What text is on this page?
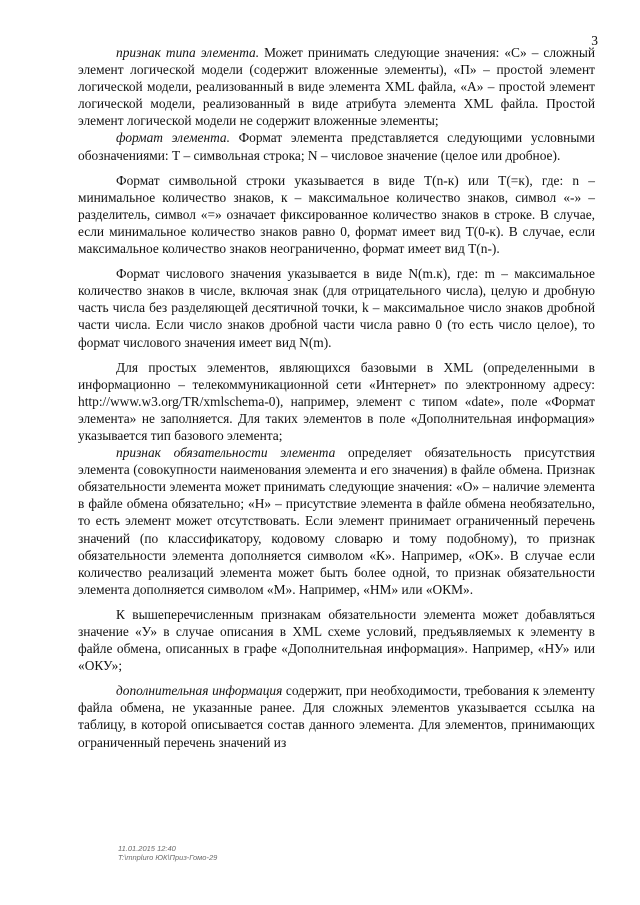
3

признак типа элемента. Может принимать следующие значения: «С» – сложный элемент логической модели (содержит вложенные элементы), «П» – простой элемент логической модели, реализованный в виде элемента XML файла, «А» – простой элемент логической модели, реализованный в виде атрибута элемента XML файла. Простой элемент логической модели не содержит вложенные элементы;

формат элемента. Формат элемента представляется следующими условными обозначениями: Т – символьная строка; N – числовое значение (целое или дробное).

Формат символьной строки указывается в виде Т(n-к) или Т(=к), где: n – минимальное количество знаков, к – максимальное количество знаков, символ «-» – разделитель, символ «=» означает фиксированное количество знаков в строке. В случае, если минимальное количество знаков равно 0, формат имеет вид Т(0-к). В случае, если максимальное количество знаков неограниченно, формат имеет вид Т(n-).

Формат числового значения указывается в виде N(m.к), где: m – максимальное количество знаков в числе, включая знак (для отрицательного числа), целую и дробную часть числа без разделяющей десятичной точки, k – максимальное число знаков дробной части числа. Если число знаков дробной части числа равно 0 (то есть число целое), то формат числового значения имеет вид N(m).

Для простых элементов, являющихся базовыми в XML (определенными в информационно – телекоммуникационной сети «Интернет» по электронному адресу: http://www.w3.org/TR/xmlschema-0), например, элемент с типом «date», поле «Формат элемента» не заполняется. Для таких элементов в поле «Дополнительная информация» указывается тип базового элемента;

признак обязательности элемента определяет обязательность присутствия элемента (совокупности наименования элемента и его значения) в файле обмена. Признак обязательности элемента может принимать следующие значения: «О» – наличие элемента в файле обмена обязательно; «Н» – присутствие элемента в файле обмена необязательно, то есть элемент может отсутствовать. Если элемент принимает ограниченный перечень значений (по классификатору, кодовому словарю и тому подобному), то признак обязательности элемента дополняется символом «К». Например, «ОК». В случае если количество реализаций элемента может быть более одной, то признак обязательности элемента дополняется символом «М». Например, «НМ» или «ОКМ».

К вышеперечисленным признакам обязательности элемента может добавляться значение «У» в случае описания в XML схеме условий, предъявляемых к элементу в файле обмена, описанных в графе «Дополнительная информация». Например, «НУ» или «ОКУ»;

дополнительная информация содержит, при необходимости, требования к элементу файла обмена, не указанные ранее. Для сложных элементов указывается ссылка на таблицу, в которой описывается состав данного элемента. Для элементов, принимающих ограниченный перечень значений из

11.01.2015 12:40
T:\mnpluro ЮК\Приз-Гомо-29
